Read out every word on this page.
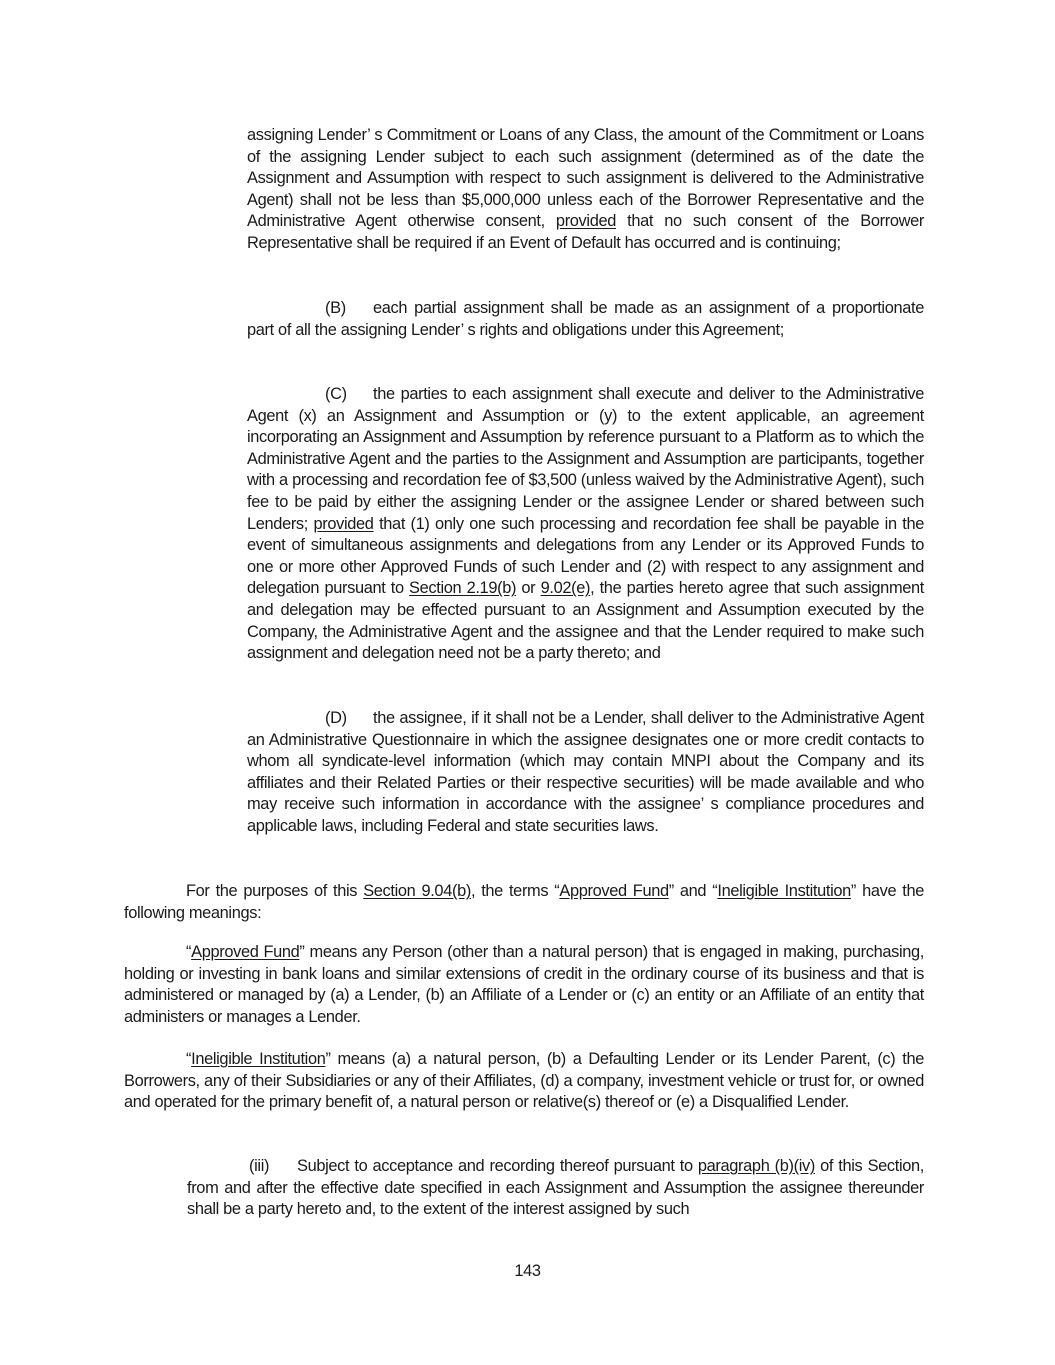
assigning Lender’ s Commitment or Loans of any Class, the amount of the Commitment or Loans of the assigning Lender subject to each such assignment (determined as of the date the Assignment and Assumption with respect to such assignment is delivered to the Administrative Agent) shall not be less than $5,000,000 unless each of the Borrower Representative and the Administrative Agent otherwise consent, provided that no such consent of the Borrower Representative shall be required if an Event of Default has occurred and is continuing;

(B) each partial assignment shall be made as an assignment of a proportionate part of all the assigning Lender’ s rights and obligations under this Agreement;

(C) the parties to each assignment shall execute and deliver to the Administrative Agent (x) an Assignment and Assumption or (y) to the extent applicable, an agreement incorporating an Assignment and Assumption by reference pursuant to a Platform as to which the Administrative Agent and the parties to the Assignment and Assumption are participants, together with a processing and recordation fee of $3,500 (unless waived by the Administrative Agent), such fee to be paid by either the assigning Lender or the assignee Lender or shared between such Lenders; provided that (1) only one such processing and recordation fee shall be payable in the event of simultaneous assignments and delegations from any Lender or its Approved Funds to one or more other Approved Funds of such Lender and (2) with respect to any assignment and delegation pursuant to Section 2.19(b) or 9.02(e), the parties hereto agree that such assignment and delegation may be effected pursuant to an Assignment and Assumption executed by the Company, the Administrative Agent and the assignee and that the Lender required to make such assignment and delegation need not be a party thereto; and

(D) the assignee, if it shall not be a Lender, shall deliver to the Administrative Agent an Administrative Questionnaire in which the assignee designates one or more credit contacts to whom all syndicate-level information (which may contain MNPI about the Company and its affiliates and their Related Parties or their respective securities) will be made available and who may receive such information in accordance with the assignee’ s compliance procedures and applicable laws, including Federal and state securities laws.

For the purposes of this Section 9.04(b), the terms “Approved Fund” and “Ineligible Institution” have the following meanings:

“Approved Fund” means any Person (other than a natural person) that is engaged in making, purchasing, holding or investing in bank loans and similar extensions of credit in the ordinary course of its business and that is administered or managed by (a) a Lender, (b) an Affiliate of a Lender or (c) an entity or an Affiliate of an entity that administers or manages a Lender.

“Ineligible Institution” means (a) a natural person, (b) a Defaulting Lender or its Lender Parent, (c) the Borrowers, any of their Subsidiaries or any of their Affiliates, (d) a company, investment vehicle or trust for, or owned and operated for the primary benefit of, a natural person or relative(s) thereof or (e) a Disqualified Lender.

(iii) Subject to acceptance and recording thereof pursuant to paragraph (b)(iv) of this Section, from and after the effective date specified in each Assignment and Assumption the assignee thereunder shall be a party hereto and, to the extent of the interest assigned by such

143
